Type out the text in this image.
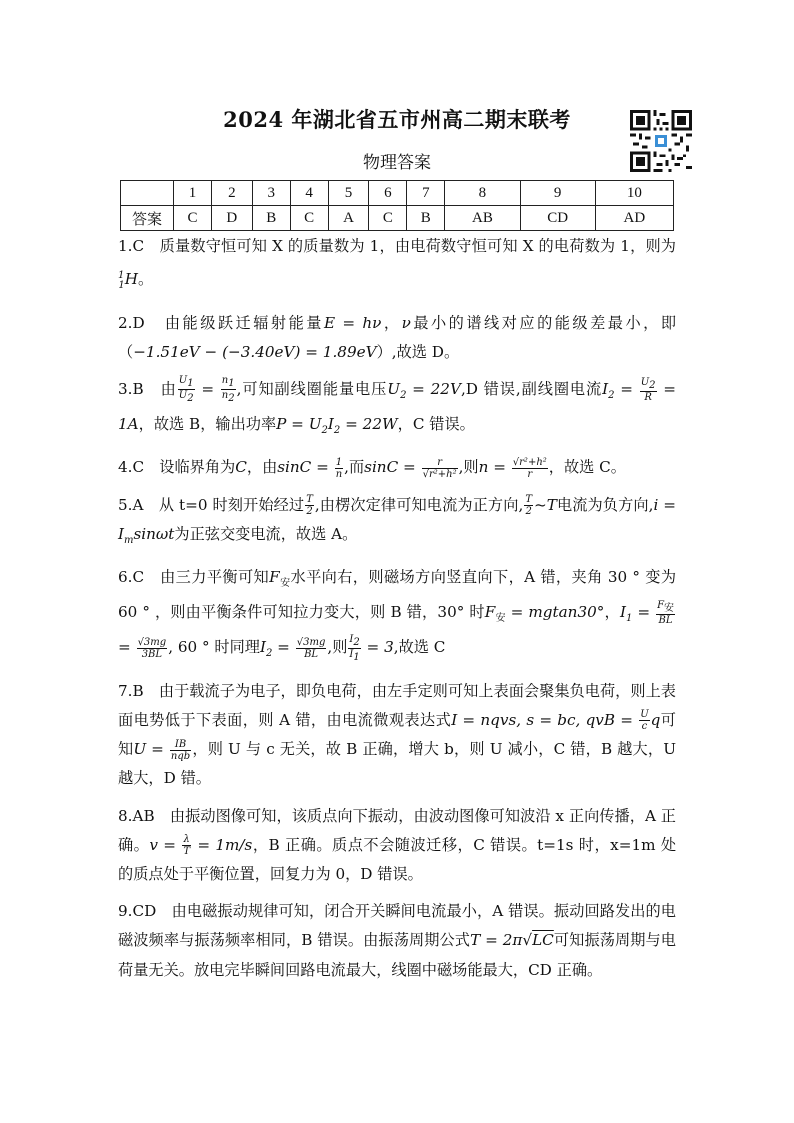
2024 年湖北省五市州高二期末联考
物理答案
	1	2	3	4	5	6	7	8	9	10
答案	C	D	B	C	A	C	B	AB	CD	AD

1.C　质量数守恒可知 X 的质量数为 1，由电荷数守恒可知 X 的电荷数为 1，则为$^1_1$H。

2.D　由能级跃迁辐射能量E = hν，ν最小的谱线对应的能级差最小，即（−1.51eV − (−3.40eV) = 1.89eV）,故选 D。

3.B　由 $\frac{U_1}{U_2} = \frac{n_1}{n_2}$ ,可知副线圈能量电压$U_2 = 22V,D$ 错误,副线圈电流$I_2 = \frac{U_2}{R} = 1A$，故选 B，输出功率$P = U_2I_2 = 22W$，C 错误。

4.C　设临界角为C，由$\sin C = \frac{1}{n}$ ,而$\sin C = \frac{r}{\text{√r²+h²}}$ ,则$n = \frac{\text{√r²+h²}}{r}$ ，故选 C。

5.A　从 t=0 时刻开始经过 $\frac{T}{2}$ ,由楞次定律可知电流为正方向, $\frac{T}{2}$ ~T电流为负方向$,i = I_m\sin\omega t$为正弦交变电流，故选 A。

6.C　由三力平衡可知$F_安$水平向右，则磁场方向竖直向下，A 错，夹角 30 ° 变为 60 ° ，则由平衡条件可知拉力变大，则 B 错，30° 时$F_安 = mgtan30^\circ$，$I_1 = \frac{F_安}{BL}$
= $\frac{√3mg}{3BL}$ , 60 ° 时同理$I_2 = \frac{√3mg}{BL}$ ,则 $\frac{I_2}{I_1} = 3$,故选 C

7.B　由于载流子为电子，即负电荷，由左手定则可知上表面会聚集负电荷，则上表面电势低于下表面，则 A 错，由电流微观表达式I = nqvs, s = bc, qvB = $\frac{U}{c}$ q可知$U = \frac{IB}{\text{nqb}}$ ，则 U 与 c 无关，故 B 正确，增大 b，则 U 减小，C 错，B 越大，U 越大，D 错。

8.AB　由振动图像可知，该质点向下振动，由波动图像可知波沿 x 正向传播，A 正确。$v = \frac{\lambda}{T} = 1m/s$，B 正确。质点不会随波迁移，C 错误。t=1s 时，x=1m 处的质点处于平衡位置，回复力为 0，D 错误。

9.CD　由电磁振动规律可知，闭合开关瞬间电流最小，A 错误。振动回路发出的电磁波频率与振荡频率相同，B 错误。由振荡周期公式T = 2π√LC可知振荡周期与电荷量无关。放电完毕瞬间回路电流最大，线圈中磁场能最大，CD 正确。
